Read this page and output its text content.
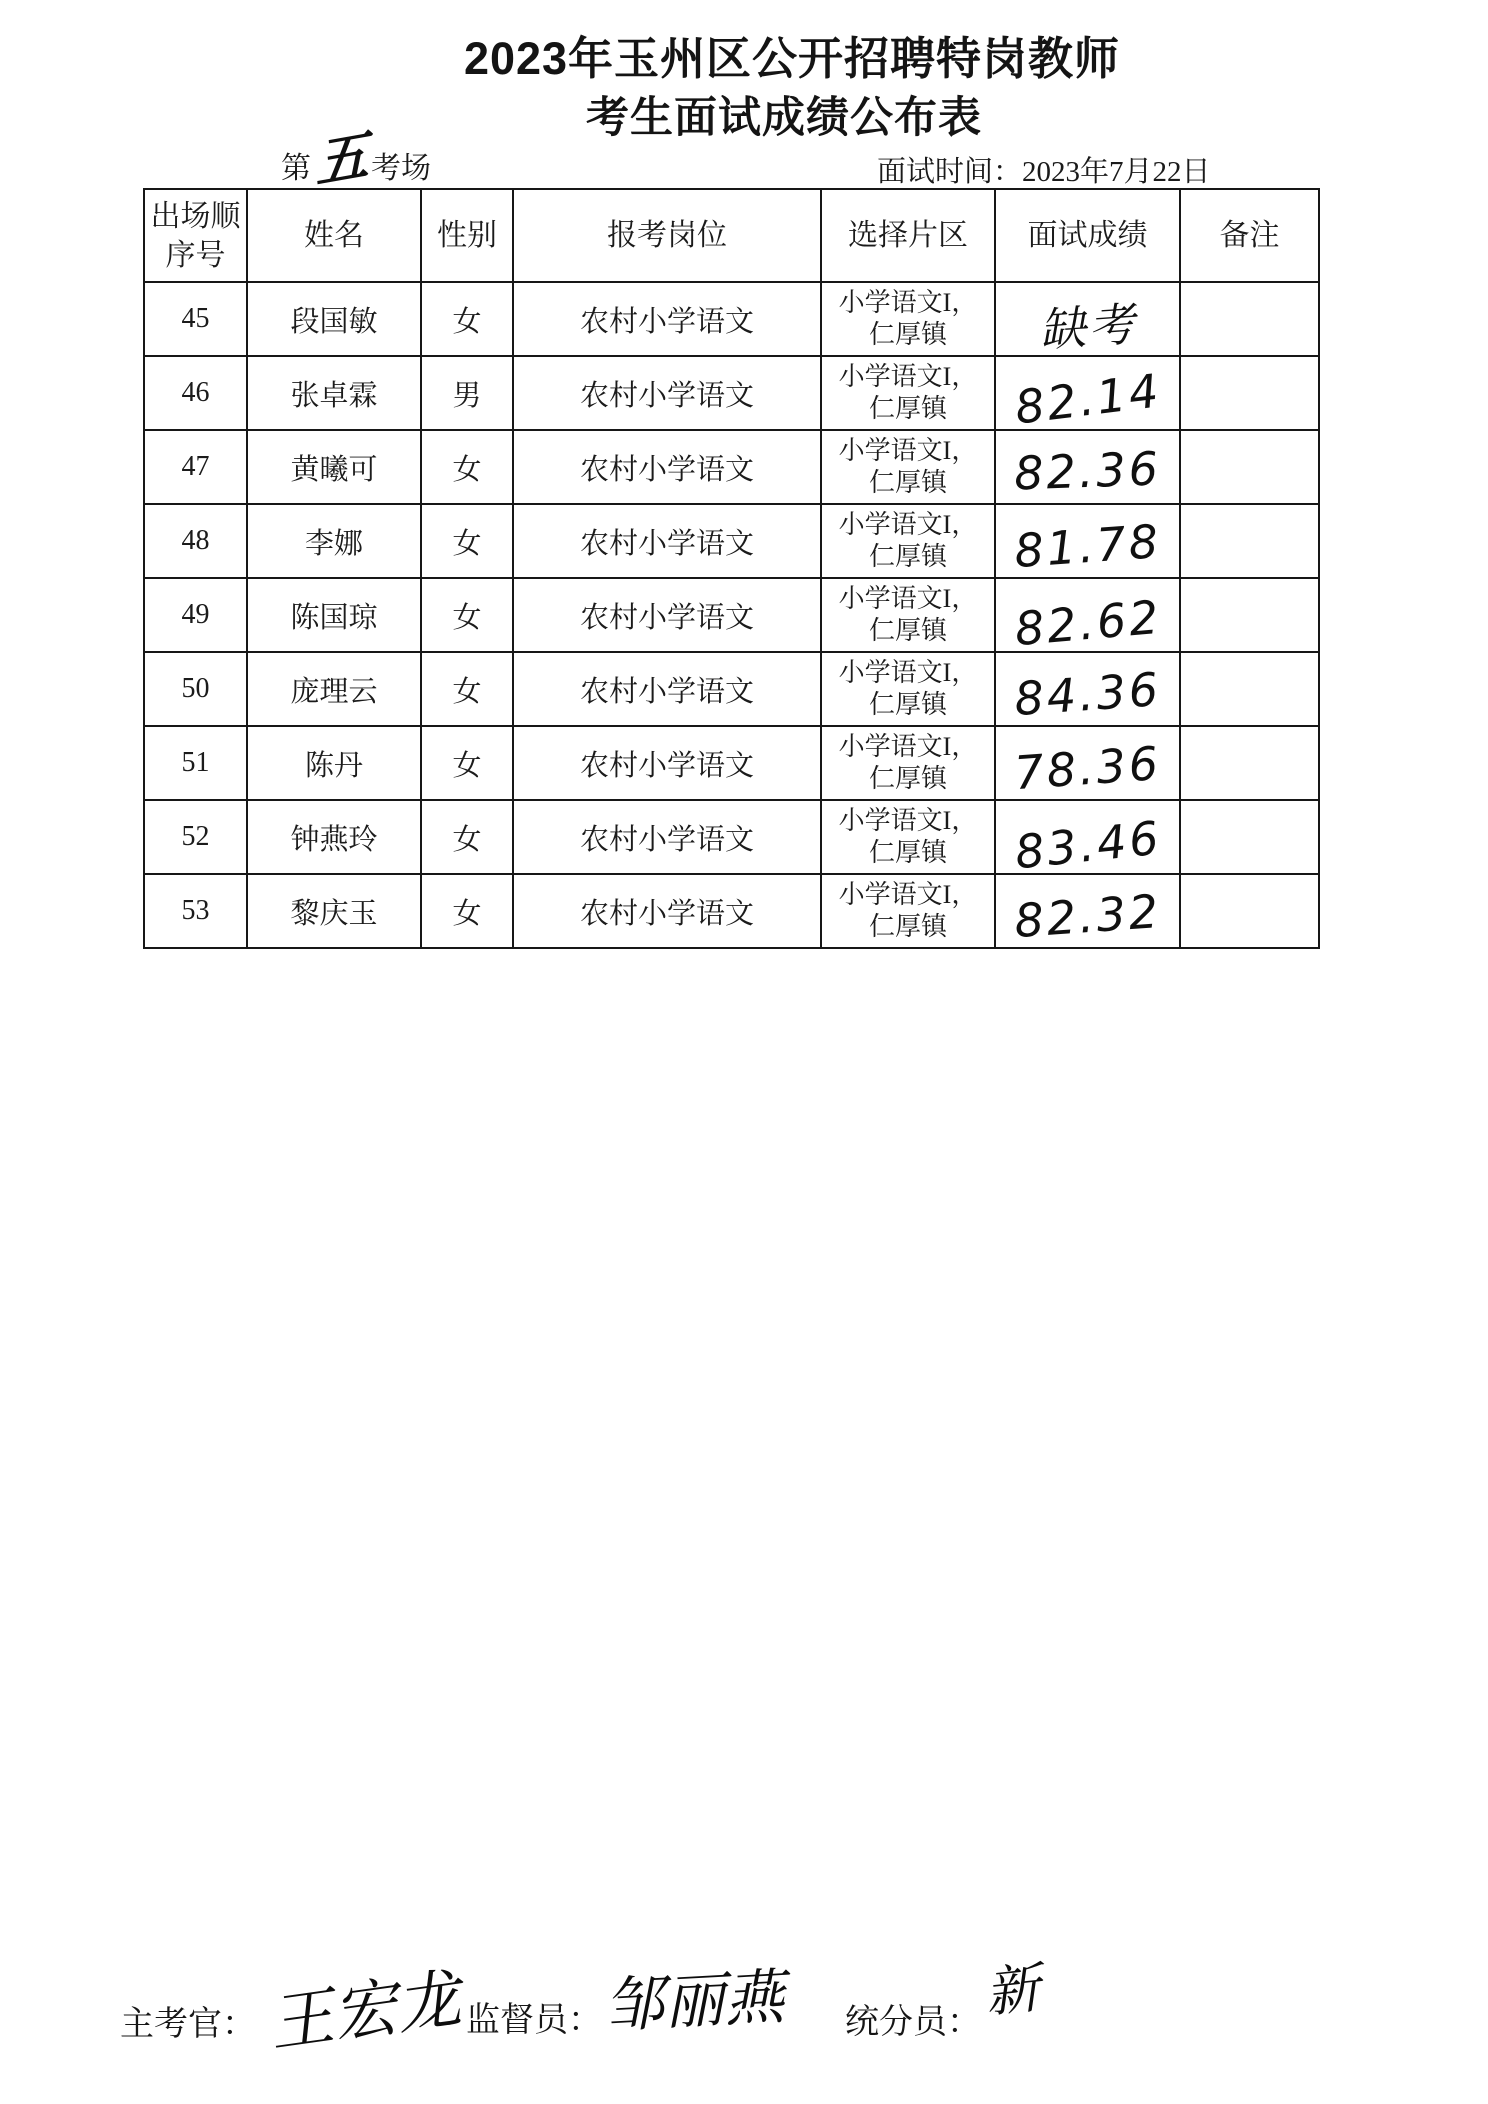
2023年玉州区公开招聘特岗教师
考生面试成绩公布表
第 五 考场	面试时间：2023年7月22日
出场顺
序号	姓名	性别	报考岗位	选择片区	面试成绩	备注
45	段国敏	女	农村小学语文	小学语文I，
仁厚镇	缺考	
46	张卓霖	男	农村小学语文	小学语文I，
仁厚镇	82.14	
47	黄曦可	女	农村小学语文	小学语文I，
仁厚镇	82.36	
48	李娜	女	农村小学语文	小学语文I，
仁厚镇	81.78	
49	陈国琼	女	农村小学语文	小学语文I，
仁厚镇	82.62	
50	庞理云	女	农村小学语文	小学语文I，
仁厚镇	84.36	
51	陈丹	女	农村小学语文	小学语文I，
仁厚镇	78.36	
52	钟燕玲	女	农村小学语文	小学语文I，
仁厚镇	83.46	
53	黎庆玉	女	农村小学语文	小学语文I，
仁厚镇	82.32	
主考官： 王宏龙 监督员： 邹丽燕 统分员： 新
